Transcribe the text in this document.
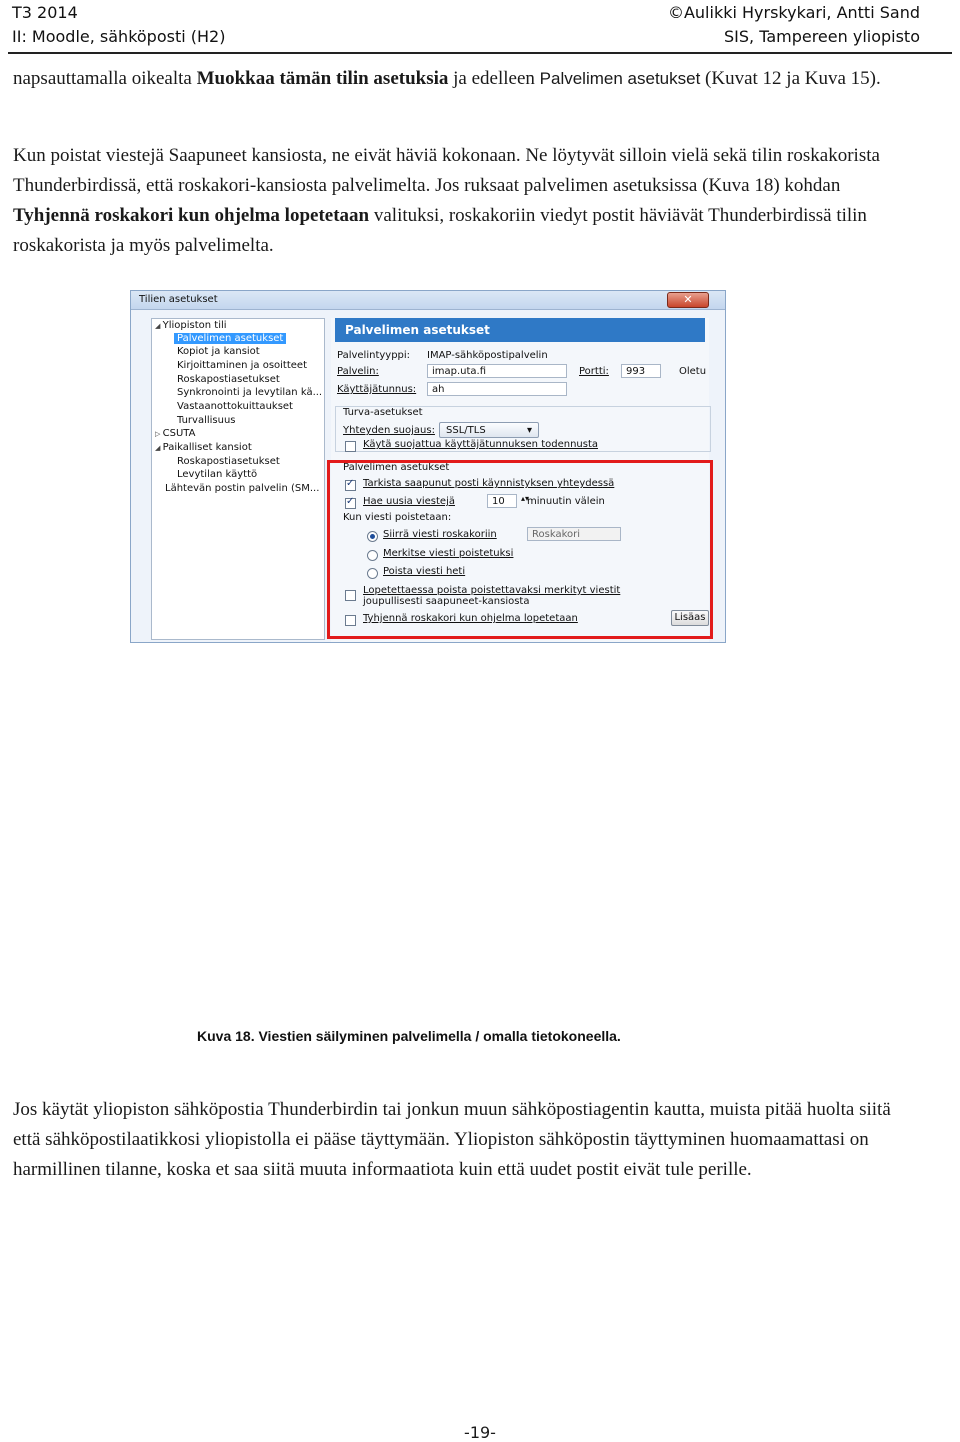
T3 2014
II: Moodle, sähköposti (H2)
©Aulikki Hyrskykari, Antti Sand
SIS, Tampereen yliopisto
napsauttamalla oikealta Muokkaa tämän tilin asetuksia ja edelleen Palvelimen asetukset (Kuvat 12 ja Kuva 15).
Kun poistat viestejä Saapuneet kansiosta, ne eivät häviä kokonaan. Ne löytyvät silloin vielä sekä tilin roskakorista Thunderbirdissä, että roskakori-kansiosta palvelimelta. Jos ruksaat palvelimen asetuksissa (Kuva 18) kohdan Tyhjennä roskakori kun ohjelma lopetetaan valituksi, roskakoriin viedyt postit häviävät Thunderbirdissä tilin roskakorista ja myös palvelimelta.
Tilien asetukset	✕
◢ Yliopiston tili
Palvelimen asetukset
Kopiot ja kansiot
Kirjoittaminen ja osoitteet
Roskapostiasetukset
Synkronointi ja levytilan kä...
Vastaanottokuittaukset
Turvallisuus
▷ CSUTA
◢ Paikalliset kansiot
Roskapostiasetukset
Levytilan käyttö
Lähtevän postin palvelin (SM...
Palvelimen asetukset
Palvelintyyppi: IMAP-sähköpostipalvelin
Palvelin:	imap.uta.fi	Portti:	993	Oletu
Käyttäjätunnus:	ah
Turva-asetukset
Yhteyden suojaus:	SSL/TLS	▾
Käytä suojattua käyttäjätunnuksen todennusta
Palvelimen asetukset
✓
Tarkista saapunut posti käynnistyksen yhteydessä
✓
Hae uusia viestejä	10	▴▾
minuutin välein
Kun viesti poistetaan:
Siirrä viesti roskakoriin	Roskakori
Merkitse viesti poistetuksi
Poista viesti heti
Lopetettaessa poista poistettavaksi merkityt viestit
joupullisesti saapuneet-kansiosta
Tyhjennä roskakori kun ohjelma lopetetaan	Lisäas
Kuva 18. Viestien säilyminen palvelimella / omalla tietokoneella.
Jos käytät yliopiston sähköpostia Thunderbirdin tai jonkun muun sähköpostiagentin kautta, muista pitää huolta siitä että sähköpostilaatikkosi yliopistolla ei pääse täyttymään. Yliopiston sähköpostin täyttyminen huomaamattasi on harmillinen tilanne, koska et saa siitä muuta informaatiota kuin että uudet postit eivät tule perille.
-19-
